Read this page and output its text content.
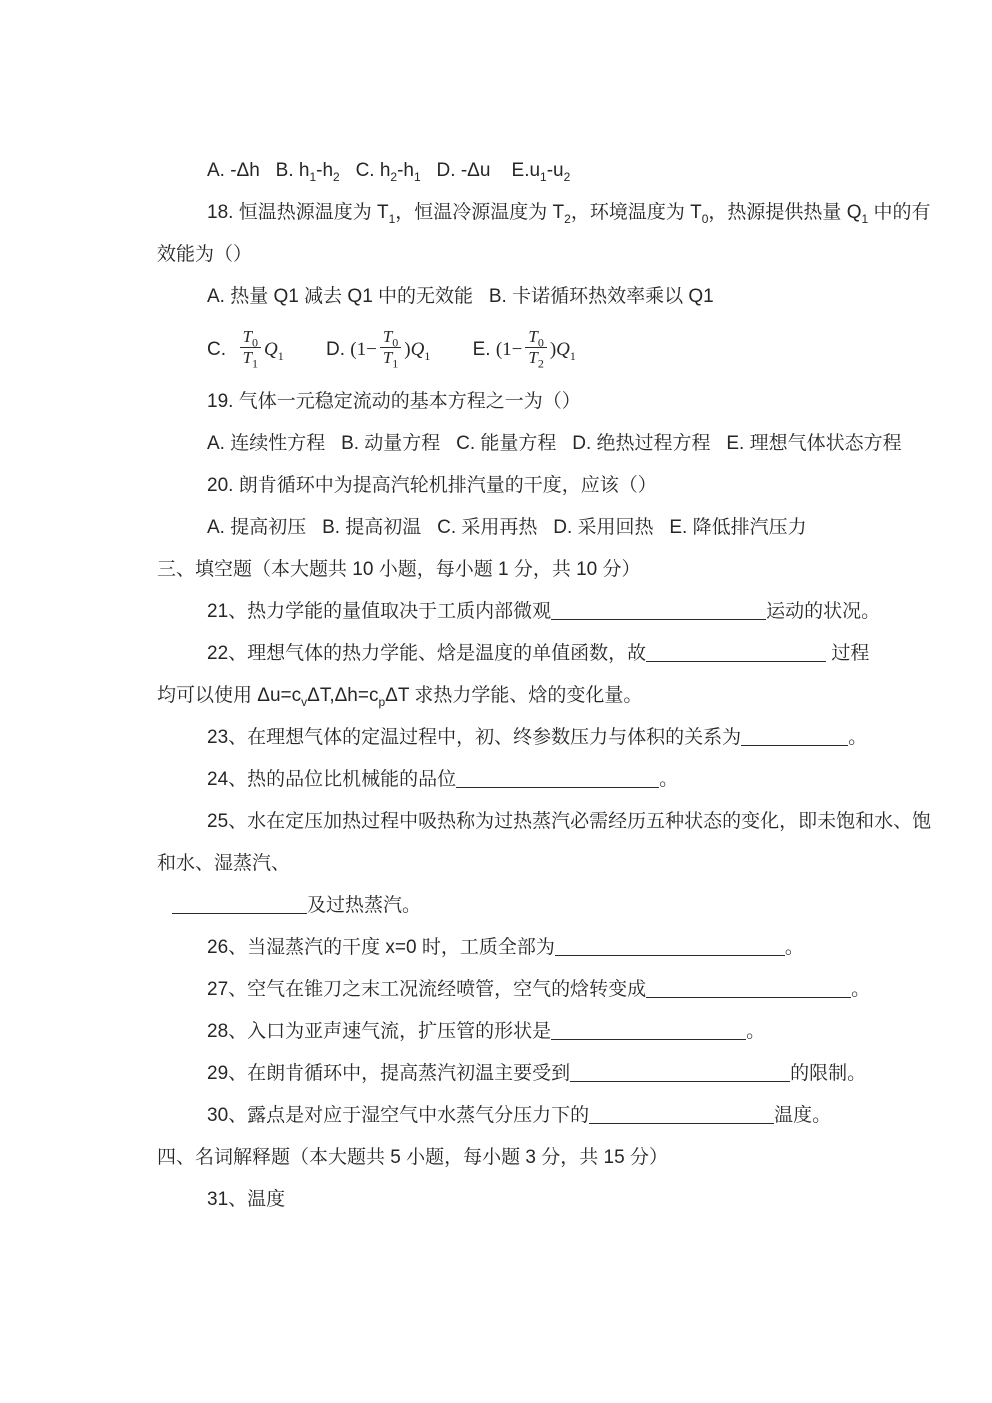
A. -Δh   B. $h_1-h_2$   C. $h_2-h_1$   D. -Δu    $E.u_1-u_2$
18. 恒温热源温度为 $T_1$，恒温冷源温度为 $T_2$，环境温度为 $T_0$，热源提供热量 $Q_1$ 中的有
效能为（）
A. 热量 Q1 减去 Q1 中的无效能   B. 卡诺循环热效率乘以 Q1
C. $\frac{T_0}{T_1} Q_1$        D. $(1- \frac{T_0}{T_1} )Q_1$        E. $(1- \frac{T_0}{T_2} )Q_1$
19. 气体一元稳定流动的基本方程之一为（）
A. 连续性方程   B. 动量方程   C. 能量方程   D. 绝热过程方程   E. 理想气体状态方程
20. 朗肯循环中为提高汽轮机排汽量的干度，应该（）
A. 提高初压   B. 提高初温   C. 采用再热   D. 采用回热   E. 降低排汽压力
三、填空题（本大题共 10 小题，每小题 1 分，共 10 分）
21、热力学能的量值取决于工质内部微观	运动的状况。
22、理想气体的热力学能、焓是温度的单值函数，故	过程
均可以使用 $\Delta u=c_v\Delta T,\Delta h=c_p\Delta T$ 求热力学能、焓的变化量。
23、在理想气体的定温过程中，初、终参数压力与体积的关系为	。
24、热的品位比机械能的品位	。
25、水在定压加热过程中吸热称为过热蒸汽必需经历五种状态的变化，即未饱和水、饱
和水、湿蒸汽、
及过热蒸汽。
26、当湿蒸汽的干度 x=0 时，工质全部为	。
27、空气在锥刀之末工况流经喷管，空气的焓转变成	。
28、入口为亚声速气流，扩压管的形状是	。
29、在朗肯循环中，提高蒸汽初温主要受到	的限制。
30、露点是对应于湿空气中水蒸气分压力下的	温度。
四、名词解释题（本大题共 5 小题，每小题 3 分，共 15 分）
31、温度
